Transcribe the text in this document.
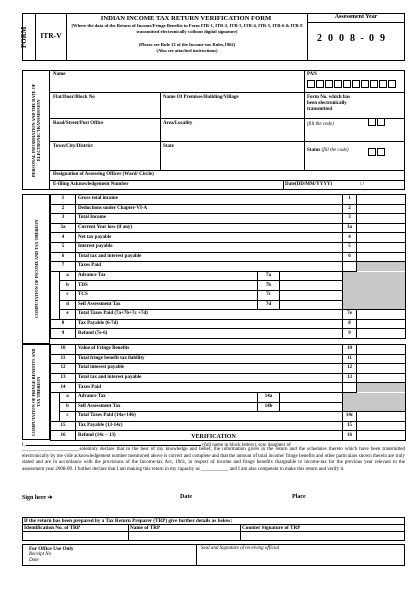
FORM	ITR-V
INDIAN INCOME TAX RETURN VERIFICATION FORM
[Where the data of the Return of Income/Fringe Benefits in Form ITR-1, ITR-2, ITR-3, ITR-4, ITR-5, ITR-6 & ITR-8 transmitted electronically without digital signature]
(Please see Rule 12 of the Income-tax Rules,1962)
(Also see attached instructions)
Assessment Year
2 0 0 8 - 0 9
PERSONAL INFORMATION AND THE DATE OF ELECTRONIC TRANSMISSION
Name	PAN
Flat/Door/Block No	Name Of Premises/Building/Village	Form No. which has been electronically transmitted
(fill the code)
Road/Street/Post Office	Area/Locality
Town/City/District	State
Status (fill the code)
Designation of Assessing Officer (Ward/ Circle)
E-filing Acknowledgement Number	Date(DD/MM/YYYY)	/ /
COMPUTATION OF INCOME AND TAX THEREON
1		Gross total income			1	
2		Deductions under Chapter-VI-A			2	
3		Total Income			3	
3a		Current Year loss (if any)			3a	
4		Net tax payable			4	
5		Interest payable			5	
6		Total tax and interest payable			6	
7		Taxes Paid				
	a	Advance Tax	7a			
	b	TDS	7b			
	c	TCS	7c			
	d	Self Assessment Tax	7d			
	e	Total Taxes Paid (7a+7b+7c +7d)			7e	
8		Tax Payable (6-7d)			8	
9		Refund (7e-6)			9	
COMPUTATION OF FRINGE BENEFITS AND TAX THEREON
10		Value of Fringe Benefits			10	
11		Total fringe benefit tax liability			11	
12		Total interest payable			12	
13		Total tax and interest payable			13	
14		Taxes Paid				
	a	Advance Tax	14a			
	b	Self Assessment Tax	14b			
	c	Total Taxes Paid (14a+14b)			14c	
15		Tax Payable (13-14c)			15	
16		Refund (14c – 13)			16	
VERIFICATION
I,	(full name in block letters), son/ daughter of
_______________________solemnly declare that to the best of my knowledge and belief, the information given in the return and the schedules thereto which have been transmitted electronically by me vide acknowledgement number mentioned above is correct and complete and that the amount of total income/ fringe benefits and other particulars shown therein are truly stated and are in accordance with the provisions of the Income-tax Act, 1961, in respect of income and fringe benefits chargeable to income-tax for the previous year relevant to the assessment year 2008-09. I further declare that I am making this return in my capacity as ___________ and I am also competent to make this return and verify it.
Sign here ➔	Date	Place
If the return has been prepared by a Tax Return Preparer (TRP) give further details as below:
Identification No. of TRP	Name of TRP	Counter Signature of TRP
For Office Use Only
Receipt No
Date
Seal and Signature of receiving official
